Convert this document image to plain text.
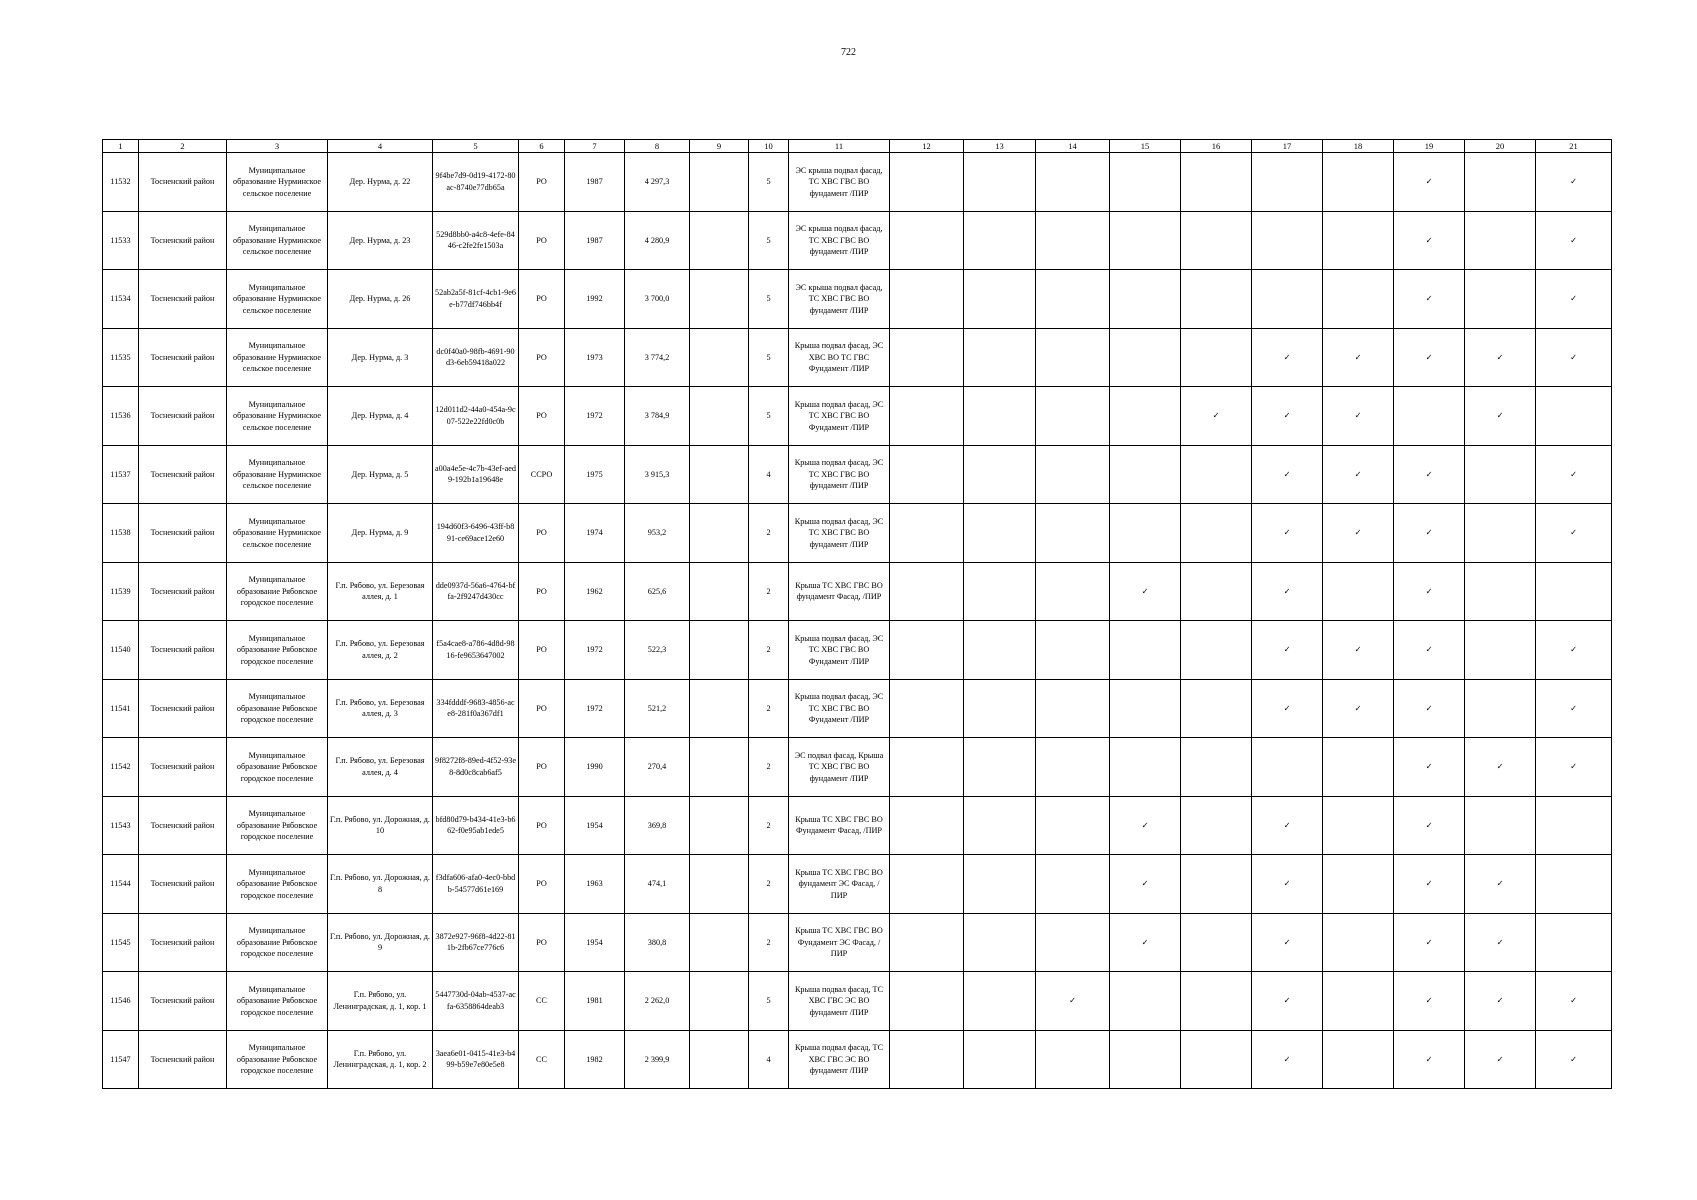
722
1	2	3	4	5	6	7	8	9	10	11	12	13	14	15	16	17	18	19	20	21
11532	Тосненский район	Муниципальное образование Нурминское сельское поселение	Дер. Нурма, д. 22	9f4be7d9-0d19-4172-80ac-8740e77db65a	РО	1987	4 297,3		5	ЭС крыша подвал фасад, ТС ХВС ГВС ВО фундамент /ПИР								✓		✓
11533	Тосненский район	Муниципальное образование Нурминское сельское поселение	Дер. Нурма, д. 23	529d8bb0-a4c8-4efe-8446-c2fe2fe1503a	РО	1987	4 280,9		5	ЭС крыша подвал фасад, ТС ХВС ГВС ВО фундамент /ПИР								✓		✓
11534	Тосненский район	Муниципальное образование Нурминское сельское поселение	Дер. Нурма, д. 26	52ab2a5f-81cf-4cb1-9e6e-b77df746bb4f	РО	1992	3 700,0		5	ЭС крыша подвал фасад, ТС ХВС ГВС ВО фундамент /ПИР								✓		✓
11535	Тосненский район	Муниципальное образование Нурминское сельское поселение	Дер. Нурма, д. 3	dc0f40a0-98fb-4691-90d3-6eb59418a022	РО	1973	3 774,2		5	Крыша подвал фасад, ЭС ХВС ВО ТС ГВС Фундамент /ПИР						✓	✓	✓	✓	✓
11536	Тосненский район	Муниципальное образование Нурминское сельское поселение	Дер. Нурма, д. 4	12d011d2-44a0-454a-9c07-522e22fd0c0b	РО	1972	3 784,9		5	Крыша подвал фасад, ЭС ТС ХВС ГВС ВО Фундамент /ПИР					✓	✓	✓		✓	
11537	Тосненский район	Муниципальное образование Нурминское сельское поселение	Дер. Нурма, д. 5	a00a4e5e-4c7b-43ef-aed9-192b1a19648e	ССРО	1975	3 915,3		4	Крыша подвал фасад, ЭС ТС ХВС ГВС ВО фундамент /ПИР						✓	✓	✓		✓
11538	Тосненский район	Муниципальное образование Нурминское сельское поселение	Дер. Нурма, д. 9	194d60f3-6496-43ff-b891-ce69ace12e60	РО	1974	953,2		2	Крыша подвал фасад, ЭС ТС ХВС ГВС ВО фундамент /ПИР						✓	✓	✓		✓
11539	Тосненский район	Муниципальное образование Рябовское городское поселение	Г.п. Рябово, ул. Березовая аллея, д. 1	dde0937d-56a6-4764-bffa-2f9247d430cc	РО	1962	625,6		2	Крыша ТС ХВС ГВС ВО фундамент Фасад, /ПИР				✓		✓		✓		
11540	Тосненский район	Муниципальное образование Рябовское городское поселение	Г.п. Рябово, ул. Березовая аллея, д. 2	f5a4cae8-a786-4d8d-9816-fe9653647002	РО	1972	522,3		2	Крыша подвал фасад, ЭС ТС ХВС ГВС ВО Фундамент /ПИР						✓	✓	✓		✓
11541	Тосненский район	Муниципальное образование Рябовское городское поселение	Г.п. Рябово, ул. Березовая аллея, д. 3	334fdddf-9683-4856-ace8-281f0a367df1	РО	1972	521,2		2	Крыша подвал фасад, ЭС ТС ХВС ГВС ВО Фундамент /ПИР						✓	✓	✓		✓
11542	Тосненский район	Муниципальное образование Рябовское городское поселение	Г.п. Рябово, ул. Березовая аллея, д. 4	9f8272f8-89ed-4f52-93e8-8d0c8cab6af5	РО	1990	270,4		2	ЭС подвал фасад, Крыша ТС ХВС ГВС ВО фундамент /ПИР								✓	✓	✓
11543	Тосненский район	Муниципальное образование Рябовское городское поселение	Г.п. Рябово, ул. Дорожная, д. 10	bfd80d79-b434-41e3-b662-f0e95ab1ede5	РО	1954	369,8		2	Крыша ТС ХВС ГВС ВО Фундамент Фасад, /ПИР				✓		✓		✓		
11544	Тосненский район	Муниципальное образование Рябовское городское поселение	Г.п. Рябово, ул. Дорожная, д. 8	f3dfa606-afa0-4ec0-bbdb-54577d61e169	РО	1963	474,1		2	Крыша ТС ХВС ГВС ВО фундамент ЭС Фасад, /ПИР				✓		✓		✓	✓	
11545	Тосненский район	Муниципальное образование Рябовское городское поселение	Г.п. Рябово, ул. Дорожная, д. 9	3872e927-96f8-4d22-811b-2fb67ce776c6	РО	1954	380,8		2	Крыша ТС ХВС ГВС ВО Фундамент ЭС Фасад, /ПИР				✓		✓		✓	✓	
11546	Тосненский район	Муниципальное образование Рябовское городское поселение	Г.п. Рябово, ул. Ленинградская, д. 1, кор. 1	5447730d-04ab-4537-acfa-6358864deab3	СС	1981	2 262,0		5	Крыша подвал фасад, ТС ХВС ГВС ЭС ВО фундамент /ПИР			✓			✓		✓	✓	✓
11547	Тосненский район	Муниципальное образование Рябовское городское поселение	Г.п. Рябово, ул. Ленинградская, д. 1, кор. 2	3aea6e01-0415-41e3-b499-b59e7e80e5e8	СС	1982	2 399,9		4	Крыша подвал фасад, ТС ХВС ГВС ЭС ВО фундамент /ПИР						✓		✓	✓	✓
